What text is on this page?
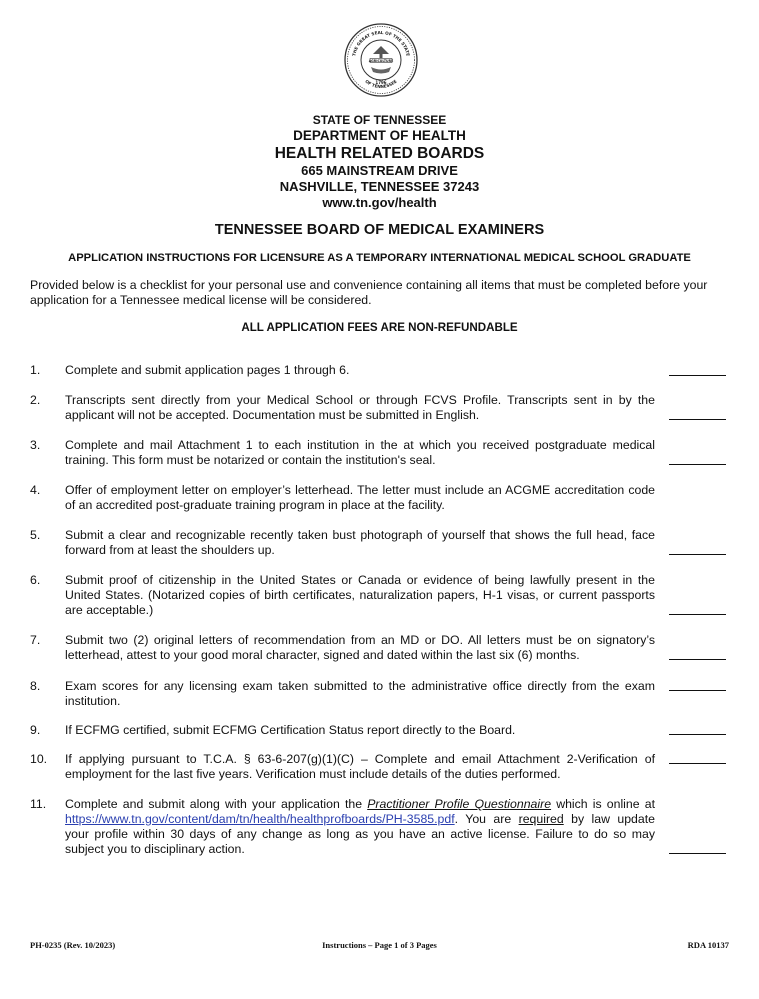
THE GREAT SEAL OF THE STATE
OF TENNESSEE
AGRICULTURE
1796
STATE OF TENNESSEE
DEPARTMENT OF HEALTH
HEALTH RELATED BOARDS
665 MAINSTREAM DRIVE
NASHVILLE, TENNESSEE 37243
www.tn.gov/health
TENNESSEE BOARD OF MEDICAL EXAMINERS
APPLICATION INSTRUCTIONS FOR LICENSURE AS A TEMPORARY INTERNATIONAL MEDICAL SCHOOL GRADUATE
Provided below is a checklist for your personal use and convenience containing all items that must be completed before your application for a Tennessee medical license will be considered.
ALL APPLICATION FEES ARE NON-REFUNDABLE
1.	Complete and submit application pages 1 through 6.
2.	Transcripts sent directly from your Medical School or through FCVS Profile. Transcripts sent in by the applicant will not be accepted. Documentation must be submitted in English.
3.	Complete and mail Attachment 1 to each institution in the at which you received postgraduate medical training. This form must be notarized or contain the institution's seal.
4.	Offer of employment letter on employer’s letterhead. The letter must include an ACGME accreditation code of an accredited post-graduate training program in place at the facility.
5.	Submit a clear and recognizable recently taken bust photograph of yourself that shows the full head, face forward from at least the shoulders up.
6.	Submit proof of citizenship in the United States or Canada or evidence of being lawfully present in the United States. (Notarized copies of birth certificates, naturalization papers, H-1 visas, or current passports are acceptable.)
7.	Submit two (2) original letters of recommendation from an MD or DO. All letters must be on signatory’s letterhead, attest to your good moral character, signed and dated within the last six (6) months.
8.	Exam scores for any licensing exam taken submitted to the administrative office directly from the exam institution.
9.	If ECFMG certified, submit ECFMG Certification Status report directly to the Board.
10.	If applying pursuant to T.C.A. § 63-6-207(g)(1)(C) – Complete and email Attachment 2-Verification of employment for the last five years. Verification must include details of the duties performed.
11.	Complete and submit along with your application the Practitioner Profile Questionnaire which is online at https://www.tn.gov/content/dam/tn/health/healthprofboards/PH-3585.pdf. You are required by law update your profile within 30 days of any change as long as you have an active license. Failure to do so may subject you to disciplinary action.
PH-0235 (Rev. 10/2023)	Instructions – Page 1 of 3 Pages	RDA 10137
